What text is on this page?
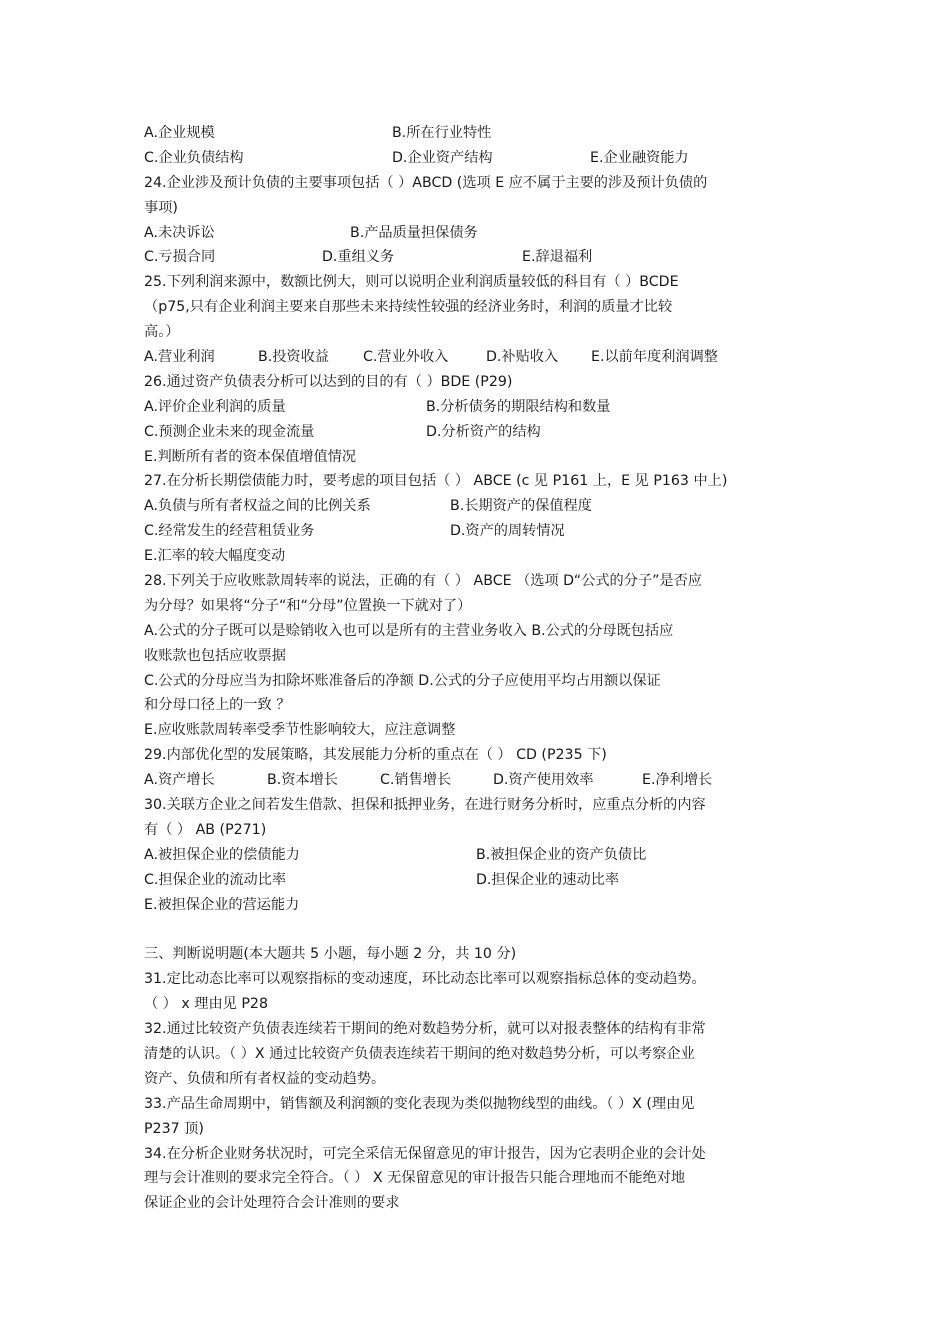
A.企业规模	B.所在行业特性
C.企业负债结构	D.企业资产结构	E.企业融资能力
24.企业涉及预计负债的主要事项包括（ ）ABCD (选项 E 应不属于主要的涉及预计负债的
事项)
A.未决诉讼	B.产品质量担保债务
C.亏损合同	D.重组义务	E.辞退福利
25.下列利润来源中，数额比例大，则可以说明企业利润质量较低的科目有（ ）BCDE
（p75,只有企业利润主要来自那些未来持续性较强的经济业务时，利润的质量才比较
高。）
A.营业利润	B.投资收益 C.营业外收入	D.补贴收入 E.以前年度利润调整
26.通过资产负债表分析可以达到的目的有（ ）BDE (P29)
A.评价企业利润的质量	B.分析债务的期限结构和数量
C.预测企业未来的现金流量	D.分析资产的结构
E.判断所有者的资本保值增值情况
27.在分析长期偿债能力时，要考虑的项目包括（ ） ABCE (c 见 P161 上，E 见 P163 中上)
A.负债与所有者权益之间的比例关系	B.长期资产的保值程度
C.经常发生的经营租赁业务	D.资产的周转情况
E.汇率的较大幅度变动
28.下列关于应收账款周转率的说法，正确的有（ ） ABCE （选项 D“公式的分子”是否应
为分母？如果将“分子“和“分母”位置换一下就对了）
A.公式的分子既可以是赊销收入也可以是所有的主营业务收入 B.公式的分母既包括应
收账款也包括应收票据
C.公式的分母应当为扣除坏账准备后的净额 D.公式的分子应使用平均占用额以保证
和分母口径上的一致 ？
E.应收账款周转率受季节性影响较大，应注意调整
29.内部优化型的发展策略，其发展能力分析的重点在（ ） CD (P235 下)
A.资产增长	B.资本增长	C.销售增长	D.资产使用效率	E.净利增长
30.关联方企业之间若发生借款、担保和抵押业务，在进行财务分析时，应重点分析的内容
有（ ） AB (P271)
A.被担保企业的偿债能力	B.被担保企业的资产负债比
C.担保企业的流动比率	D.担保企业的速动比率
E.被担保企业的营运能力
三、判断说明题(本大题共 5 小题，每小题 2 分，共 10 分)
31.定比动态比率可以观察指标的变动速度，环比动态比率可以观察指标总体的变动趋势。
（ ） x 理由见 P28
32.通过比较资产负债表连续若干期间的绝对数趋势分析，就可以对报表整体的结构有非常
清楚的认识。（ ）X 通过比较资产负债表连续若干期间的绝对数趋势分析，可以考察企业
资产、负债和所有者权益的变动趋势。
33.产品生命周期中，销售额及利润额的变化表现为类似抛物线型的曲线。（ ）X (理由见
P237 顶)
34.在分析企业财务状况时，可完全采信无保留意见的审计报告，因为它表明企业的会计处
理与会计准则的要求完全符合。（ ） X 无保留意见的审计报告只能合理地而不能绝对地
保证企业的会计处理符合会计准则的要求
